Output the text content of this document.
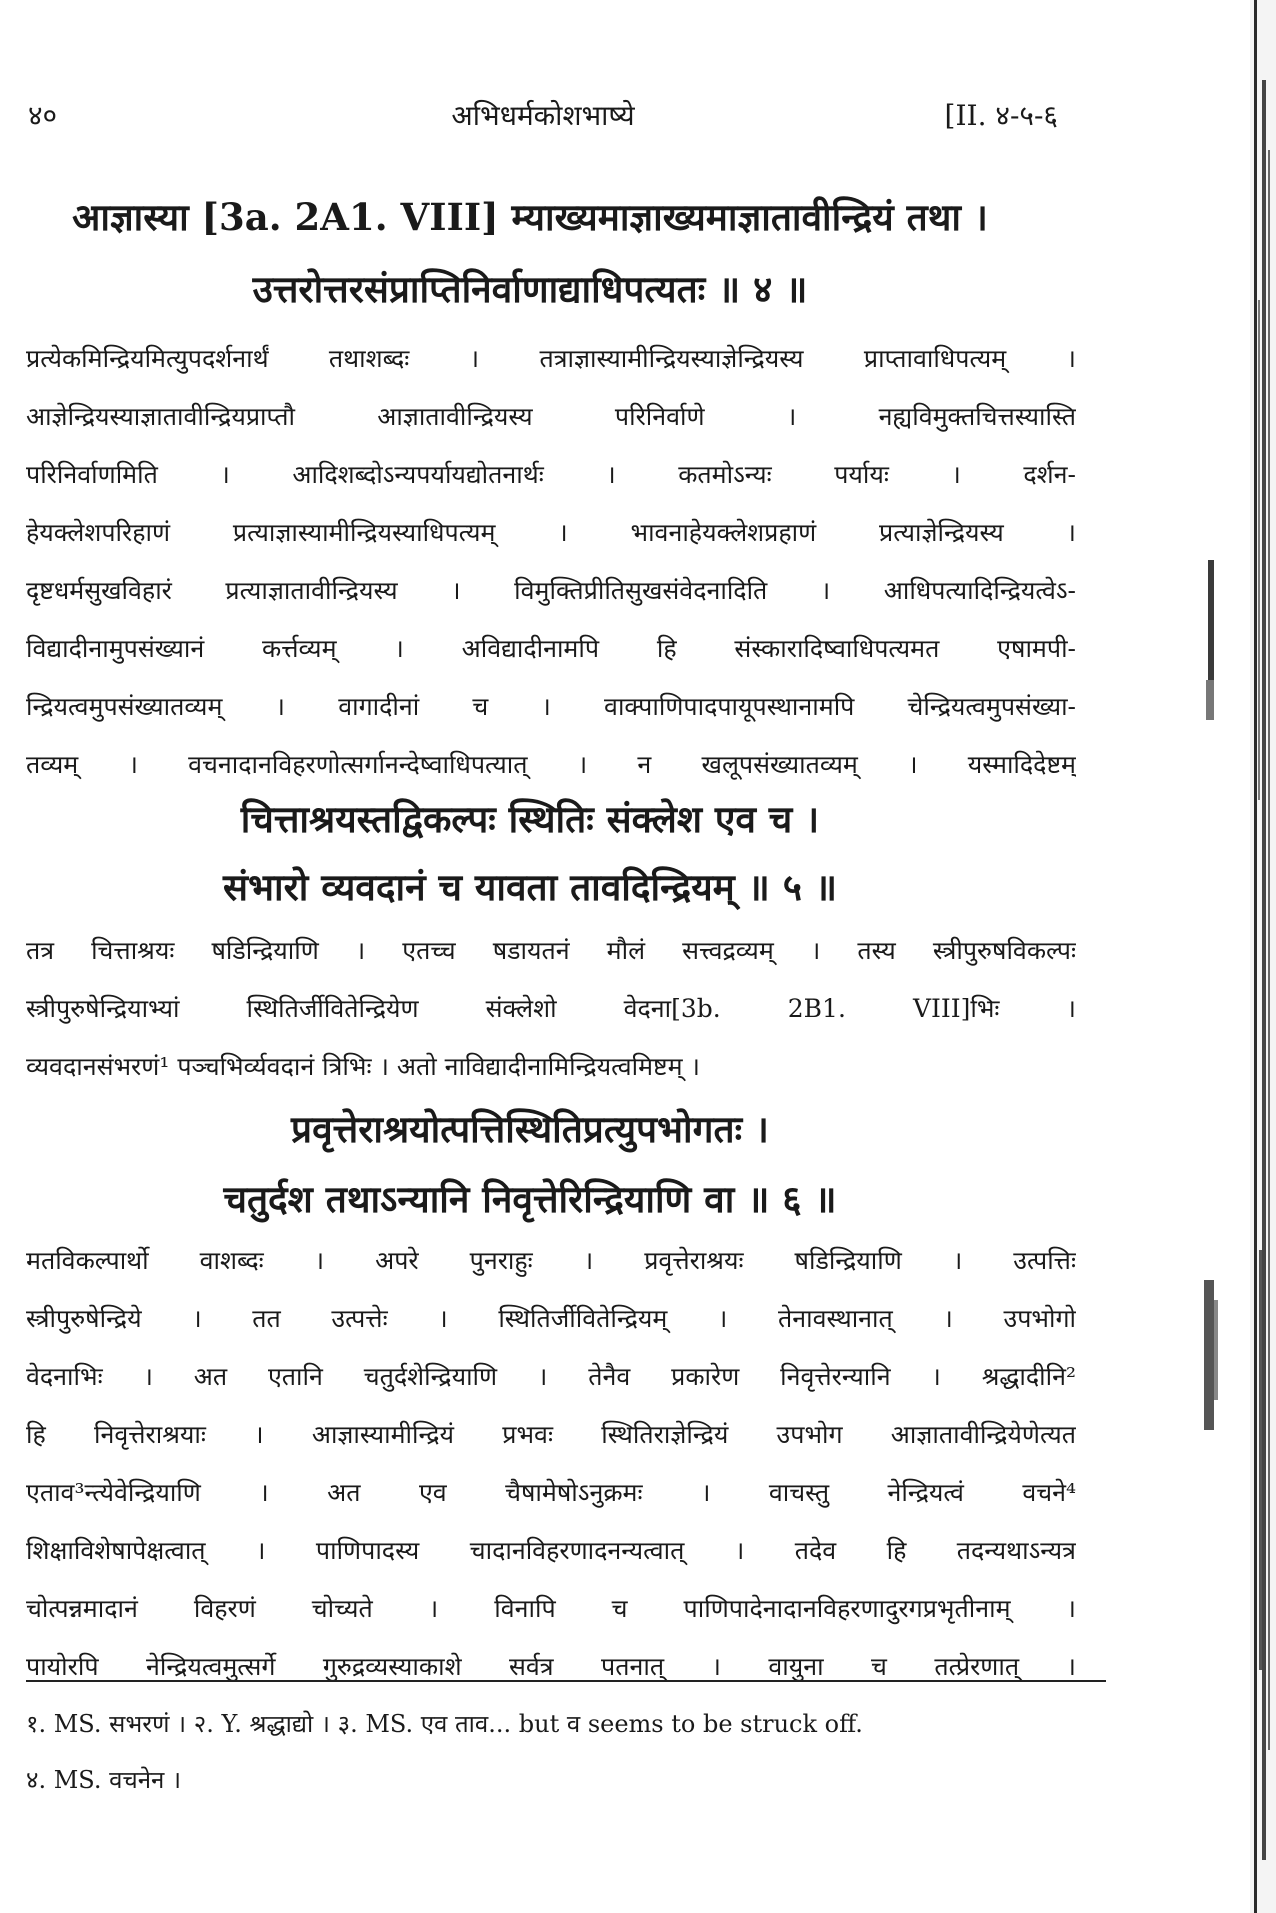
४०	अभिधर्मकोशभाष्ये	[II. ४-५-६
आज्ञास्या [3a. 2A1. VIII] म्याख्यमाज्ञाख्यमाज्ञातावीन्द्रियं तथा ।
उत्तरोत्तरसंप्राप्तिनिर्वाणाद्याधिपत्यतः ॥ ४ ॥

प्रत्येकमिन्द्रियमित्युपदर्शनार्थं तथाशब्दः । तत्राज्ञास्यामीन्द्रियस्याज्ञेन्द्रियस्य प्राप्तावाधिपत्यम् ।

आज्ञेन्द्रियस्याज्ञातावीन्द्रियप्राप्तौ आज्ञातावीन्द्रियस्य परिनिर्वाणे । नह्यविमुक्तचित्तस्यास्ति

परिनिर्वाणमिति । आदिशब्दोऽन्यपर्यायद्योतनार्थः । कतमोऽन्यः पर्यायः । दर्शन-

हेयक्लेशपरिहाणं प्रत्याज्ञास्यामीन्द्रियस्याधिपत्यम् । भावनाहेयक्लेशप्रहाणं प्रत्याज्ञेन्द्रियस्य ।

दृष्टधर्मसुखविहारं प्रत्याज्ञातावीन्द्रियस्य । विमुक्तिप्रीतिसुखसंवेदनादिति । आधिपत्यादिन्द्रियत्वेऽ-

विद्यादीनामुपसंख्यानं कर्त्तव्यम् । अविद्यादीनामपि हि संस्कारादिष्वाधिपत्यमत एषामपी-

न्द्रियत्वमुपसंख्यातव्यम् । वागादीनां च । वाक्पाणिपादपायूपस्थानामपि चेन्द्रियत्वमुपसंख्या-

तव्यम् । वचनादानविहरणोत्सर्गानन्देष्वाधिपत्यात् । न खलूपसंख्यातव्यम् । यस्मादिदेष्टम्

चित्ताश्रयस्तद्विकल्पः स्थितिः संक्लेश एव च ।
संभारो व्यवदानं च यावता तावदिन्द्रियम् ॥ ५ ॥

तत्र चित्ताश्रयः षडिन्द्रियाणि । एतच्च षडायतनं मौलं सत्त्वद्रव्यम् । तस्य स्त्रीपुरुषविकल्पः

स्त्रीपुरुषेन्द्रियाभ्यां स्थितिर्जीवितेन्द्रियेण संक्लेशो वेदना[3b. 2B1. VIII]भिः ।

व्यवदानसंभरणं¹ पञ्चभिर्व्यवदानं त्रिभिः । अतो नाविद्यादीनामिन्द्रियत्वमिष्टम् ।

प्रवृत्तेराश्रयोत्पत्तिस्थितिप्रत्युपभोगतः ।
चतुर्दश तथाऽन्यानि निवृत्तेरिन्द्रियाणि वा ॥ ६ ॥

मतविकल्पार्थो वाशब्दः । अपरे पुनराहुः । प्रवृत्तेराश्रयः षडिन्द्रियाणि । उत्पत्तिः

स्त्रीपुरुषेन्द्रिये । तत उत्पत्तेः । स्थितिर्जीवितेन्द्रियम् । तेनावस्थानात् । उपभोगो

वेदनाभिः । अत एतानि चतुर्दशेन्द्रियाणि । तेनैव प्रकारेण निवृत्तेरन्यानि । श्रद्धादीनि²

हि निवृत्तेराश्रयाः । आज्ञास्यामीन्द्रियं प्रभवः स्थितिराज्ञेन्द्रियं उपभोग आज्ञातावीन्द्रियेणेत्यत

एताव³न्त्येवेन्द्रियाणि । अत एव चैषामेषोऽनुक्रमः । वाचस्तु नेन्द्रियत्वं वचने⁴

शिक्षाविशेषापेक्षत्वात् । पाणिपादस्य चादानविहरणादनन्यत्वात् । तदेव हि तदन्यथाऽन्यत्र

चोत्पन्नमादानं विहरणं चोच्यते । विनापि च पाणिपादेनादानविहरणादुरगप्रभृतीनाम् ।

पायोरपि नेन्द्रियत्वमुत्सर्गे गुरुद्रव्यस्याकाशे सर्वत्र पतनात् । वायुना च तत्प्रेरणात् ।

१. MS. सभरणं । २. Y. श्रद्धाद्यो । ३. MS. एव ताव... but व seems to be struck off.

४. MS. वचनेन ।
